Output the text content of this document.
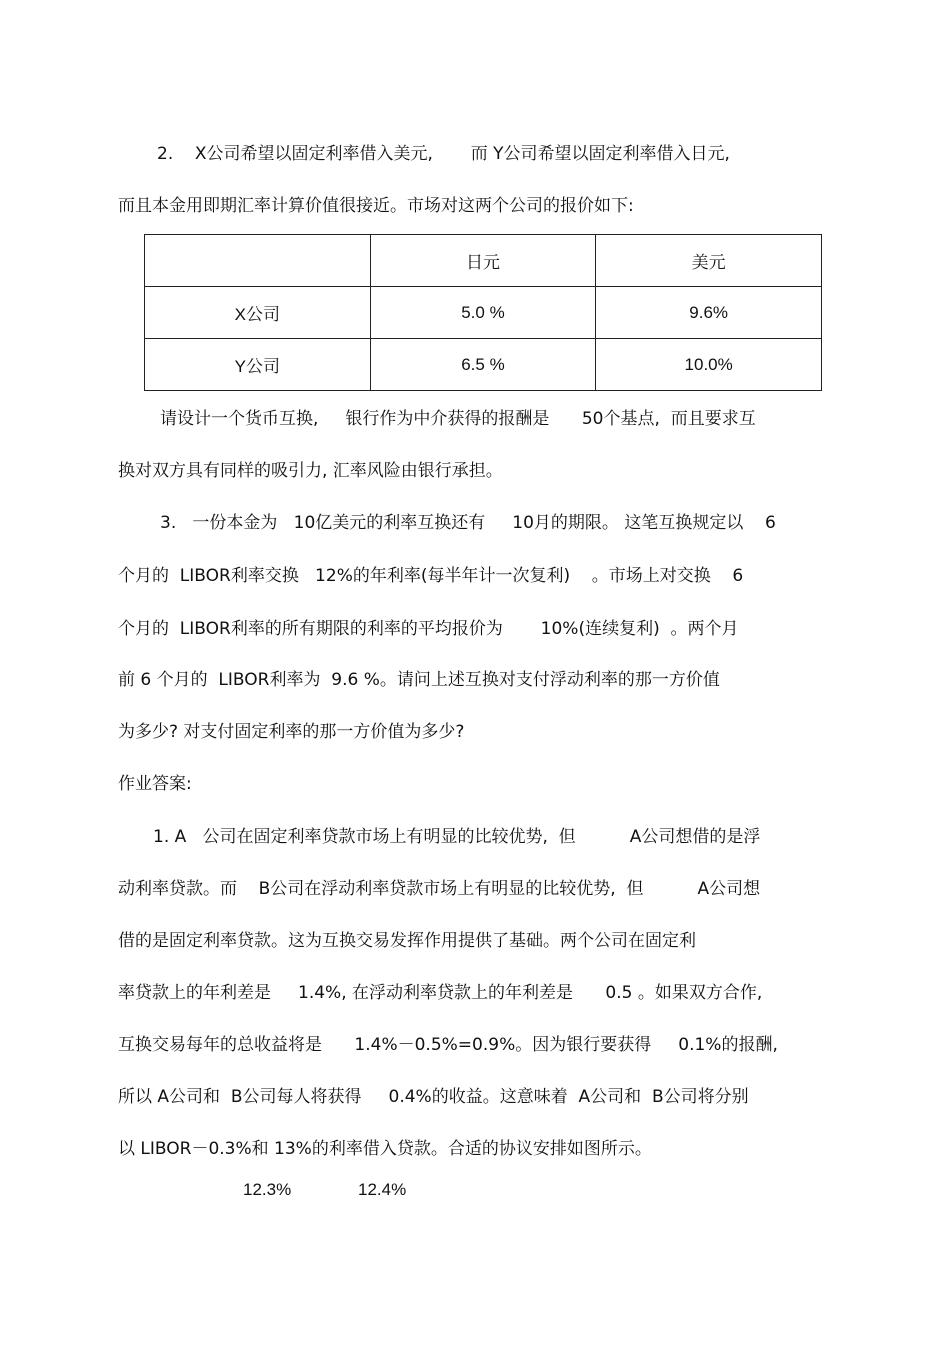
2.    X公司希望以固定利率借入美元,       而 Y公司希望以固定利率借入日元,
而且本金用即期汇率计算价值很接近。市场对这两个公司的报价如下:
	日元	美元
X公司	5.0 %	9.6%
Y公司	6.5 %	10.0%
请设计一个货币互换,     银行作为中介获得的报酬是      50个基点,  而且要求互
换对双方具有同样的吸引力, 汇率风险由银行承担。
3.   一份本金为   10亿美元的利率互换还有     10月的期限。 这笔互换规定以    6
个月的  LIBOR利率交换   12%的年利率(每半年计一次复利)    。市场上对交换    6
个月的  LIBOR利率的所有期限的利率的平均报价为       10%(连续复利)  。两个月
前 6 个月的  LIBOR利率为  9.6 %。请问上述互换对支付浮动利率的那一方价值
为多少? 对支付固定利率的那一方价值为多少?
作业答案:
1. A   公司在固定利率贷款市场上有明显的比较优势,  但          A公司想借的是浮
动利率贷款。而    B公司在浮动利率贷款市场上有明显的比较优势,  但          A公司想
借的是固定利率贷款。这为互换交易发挥作用提供了基础。两个公司在固定利
率贷款上的年利差是     1.4%, 在浮动利率贷款上的年利差是      0.5 。如果双方合作,
互换交易每年的总收益将是      1.4%－0.5%=0.9%。因为银行要获得     0.1%的报酬,
所以 A公司和  B公司每人将获得     0.4%的收益。这意味着  A公司和  B公司将分别
以 LIBOR－0.3%和 13%的利率借入贷款。合适的协议安排如图所示。
12.3%	12.4%
